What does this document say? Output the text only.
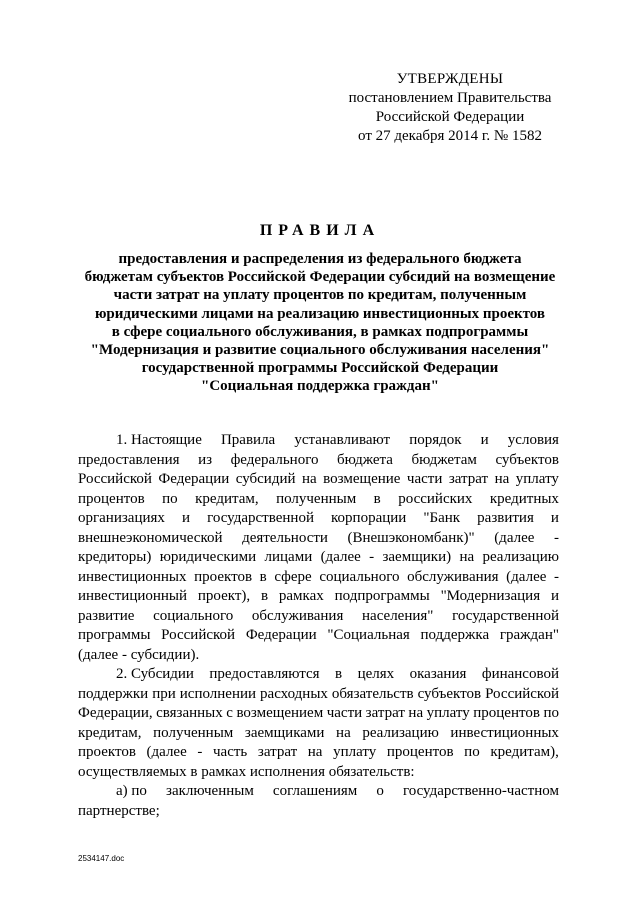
УТВЕРЖДЕНЫ
постановлением Правительства
Российской Федерации
от 27 декабря 2014 г. № 1582
ПРАВИЛА
предоставления и распределения из федерального бюджета
бюджетам субъектов Российской Федерации субсидий на возмещение
части затрат на уплату процентов по кредитам, полученным
юридическими лицами на реализацию инвестиционных проектов
в сфере социального обслуживания, в рамках подпрограммы
"Модернизация и развитие социального обслуживания населения"
государственной программы Российской Федерации
"Социальная поддержка граждан"
1. Настоящие Правила устанавливают порядок и условия
предоставления из федерального бюджета бюджетам субъектов
Российской Федерации субсидий на возмещение части затрат на уплату
процентов по кредитам, полученным в российских кредитных
организациях и государственной корпорации "Банк развития и
внешнеэкономической деятельности (Внешэкономбанк)" (далее -
кредиторы) юридическими лицами (далее - заемщики) на реализацию
инвестиционных проектов в сфере социального обслуживания (далее -
инвестиционный проект), в рамках подпрограммы "Модернизация и
развитие социального обслуживания населения" государственной
программы Российской Федерации "Социальная поддержка граждан"
(далее - субсидии).
2. Субсидии предоставляются в целях оказания финансовой
поддержки при исполнении расходных обязательств субъектов Российской
Федерации, связанных с возмещением части затрат на уплату процентов по
кредитам, полученным заемщиками на реализацию инвестиционных
проектов (далее - часть затрат на уплату процентов по кредитам),
осуществляемых в рамках исполнения обязательств:
а) по заключенным соглашениям о государственно-частном
партнерстве;
2534147.doc
